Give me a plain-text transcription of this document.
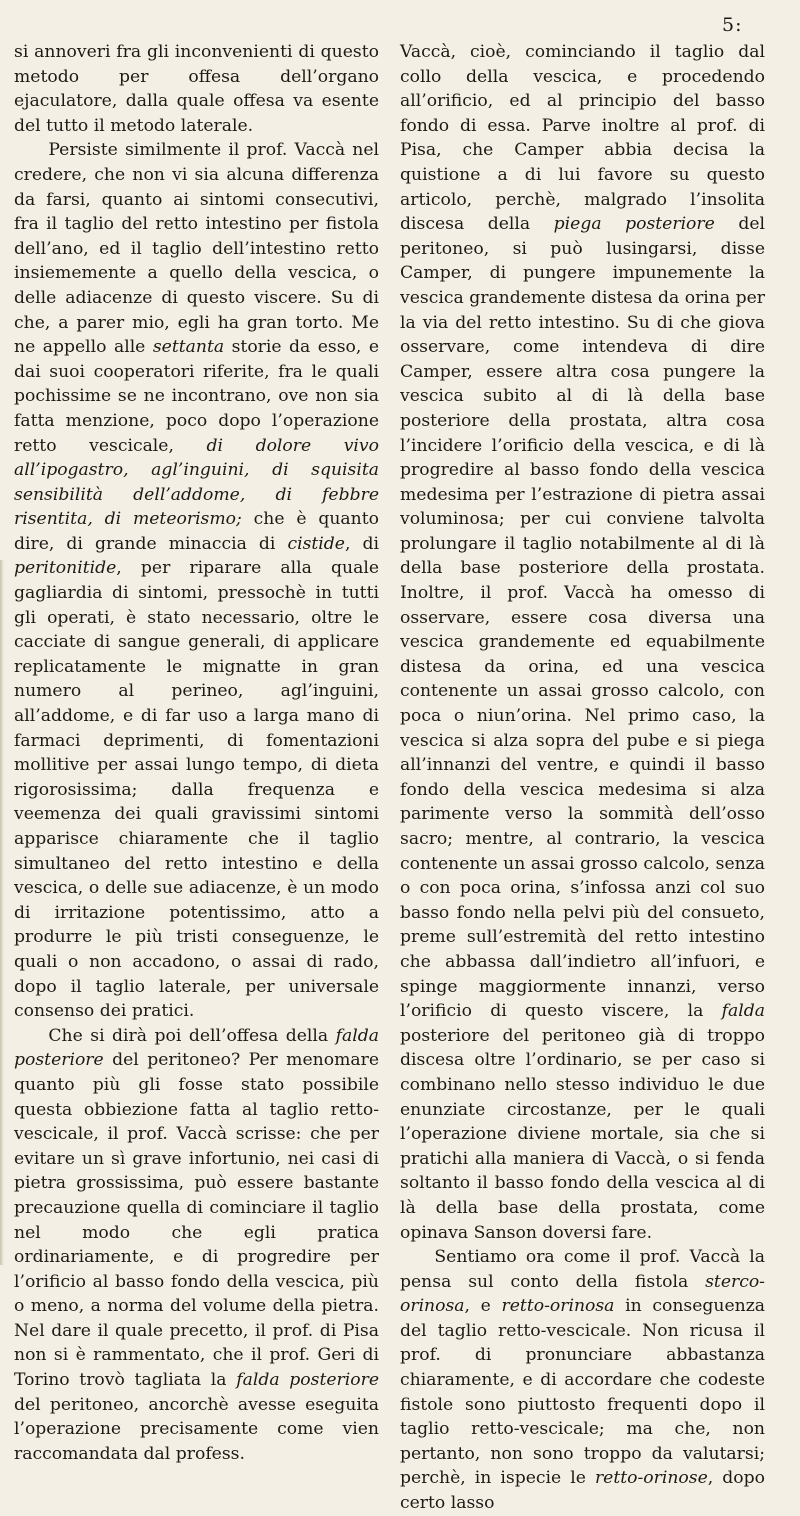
5:

si annoveri fra gli inconvenienti di questo metodo per offesa dell’organo ejaculatore, dalla quale offesa va esente del tutto il metodo laterale.

Persiste similmente il prof. Vaccà nel credere, che non vi sia alcuna differenza da farsi, quanto ai sintomi consecutivi, fra il taglio del retto intestino per fistola dell’ano, ed il taglio dell’intestino retto insiememente a quello della vescica, o delle adiacenze di questo viscere. Su di che, a parer mio, egli ha gran torto. Me ne appello alle settanta storie da esso, e dai suoi cooperatori riferite, fra le quali pochissime se ne incontrano, ove non sia fatta menzione, poco dopo l’operazione retto vescicale, di dolore vivo all’ipogastro, agl’inguini, di squisita sensibilità dell’addome, di febbre risentita, di meteorismo; che è quanto dire, di grande minaccia di cistide, di peritonitide, per riparare alla quale gagliardia di sintomi, pressochè in tutti gli operati, è stato necessario, oltre le cacciate di sangue generali, di applicare replicatamente le mignatte in gran numero al perineo, agl’inguini, all’addome, e di far uso a larga mano di farmaci deprimenti, di fomentazioni mollitive per assai lungo tempo, di dieta rigorosissima; dalla frequenza e veemenza dei quali gravissimi sintomi apparisce chiaramente che il taglio simultaneo del retto intestino e della vescica, o delle sue adiacenze, è un modo di irritazione potentissimo, atto a produrre le più tristi conseguenze, le quali o non accadono, o assai di rado, dopo il taglio laterale, per universale consenso dei pratici.

Che si dirà poi dell’offesa della falda posteriore del peritoneo? Per menomare quanto più gli fosse stato possibile questa obbiezione fatta al taglio retto-vescicale, il prof. Vaccà scrisse: che per evitare un sì grave infortunio, nei casi di pietra grossissima, può essere bastante precauzione quella di cominciare il taglio nel modo che egli pratica ordinariamente, e di progredire per l’orificio al basso fondo della vescica, più o meno, a norma del volume della pietra. Nel dare il quale precetto, il prof. di Pisa non si è rammentato, che il prof. Geri di Torino trovò tagliata la falda posteriore del peritoneo, ancorchè avesse eseguita l’operazione precisamente come vien raccomandata dal profess.

Vaccà, cioè, cominciando il taglio dal collo della vescica, e procedendo all’orificio, ed al principio del basso fondo di essa. Parve inoltre al prof. di Pisa, che Camper abbia decisa la quistione a di lui favore su questo articolo, perchè, malgrado l’insolita discesa della piega posteriore del peritoneo, si può lusingarsi, disse Camper, di pungere impunemente la vescica grandemente distesa da orina per la via del retto intestino. Su di che giova osservare, come intendeva di dire Camper, essere altra cosa pungere la vescica subito al di là della base posteriore della prostata, altra cosa l’incidere l’orificio della vescica, e di là progredire al basso fondo della vescica medesima per l’estrazione di pietra assai voluminosa; per cui conviene talvolta prolungare il taglio notabilmente al di là della base posteriore della prostata. Inoltre, il prof. Vaccà ha omesso di osservare, essere cosa diversa una vescica grandemente ed equabilmente distesa da orina, ed una vescica contenente un assai grosso calcolo, con poca o niun’orina. Nel primo caso, la vescica si alza sopra del pube e si piega all’innanzi del ventre, e quindi il basso fondo della vescica medesima si alza parimente verso la sommità dell’osso sacro; mentre, al contrario, la vescica contenente un assai grosso calcolo, senza o con poca orina, s’infossa anzi col suo basso fondo nella pelvi più del consueto, preme sull’estremità del retto intestino che abbassa dall’indietro all’infuori, e spinge maggiormente innanzi, verso l’orificio di questo viscere, la falda posteriore del peritoneo già di troppo discesa oltre l’ordinario, se per caso si combinano nello stesso individuo le due enunziate circostanze, per le quali l’operazione diviene mortale, sia che si pratichi alla maniera di Vaccà, o si fenda soltanto il basso fondo della vescica al di là della base della prostata, come opinava Sanson doversi fare.

Sentiamo ora come il prof. Vaccà la pensa sul conto della fistola sterco-orinosa, e retto-orinosa in conseguenza del taglio retto-vescicale. Non ricusa il prof. di pronunciare abbastanza chiaramente, e di accordare che codeste fistole sono piuttosto frequenti dopo il taglio retto-vescicale; ma che, non pertanto, non sono troppo da valutarsi; perchè, in ispecie le retto-orinose, dopo certo lasso
